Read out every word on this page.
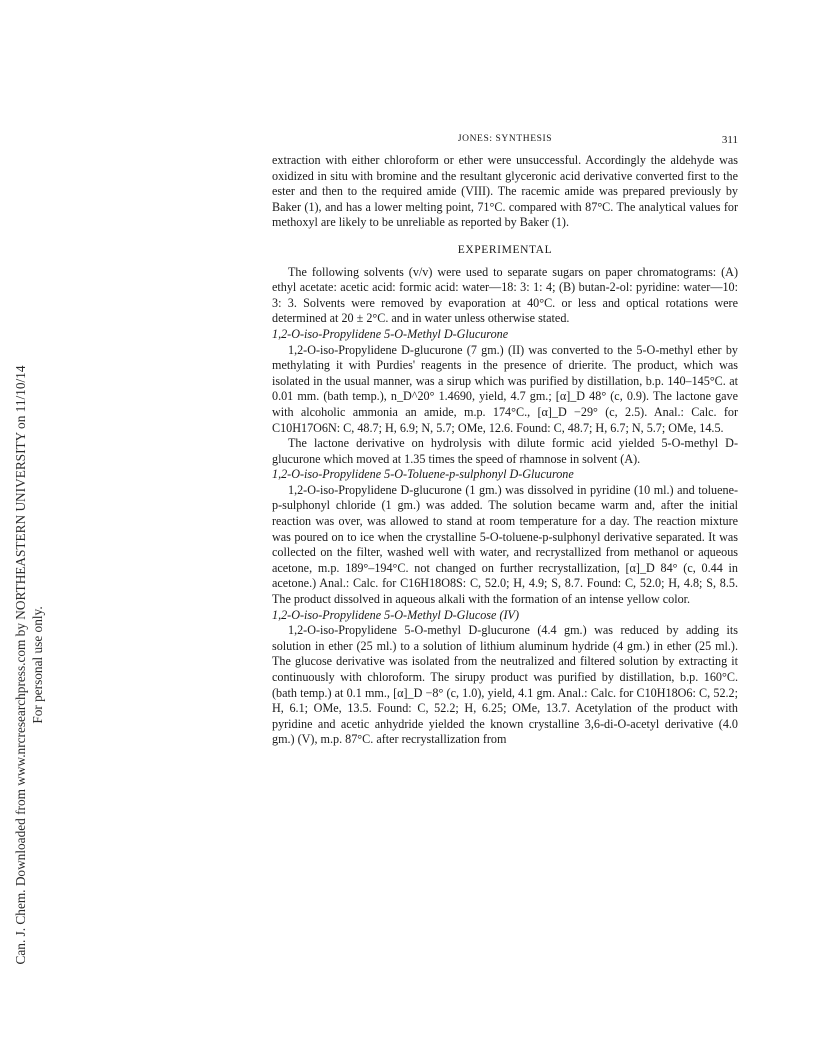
Can. J. Chem. Downloaded from www.nrcresearchpress.com by NORTHEASTERN UNIVERSITY on 11/10/14 For personal use only.
JONES: SYNTHESIS	311

extraction with either chloroform or ether were unsuccessful. Accordingly the aldehyde was oxidized in situ with bromine and the resultant glyceronic acid derivative converted first to the ester and then to the required amide (VIII). The racemic amide was prepared previously by Baker (1), and has a lower melting point, 71°C. compared with 87°C. The analytical values for methoxyl are likely to be unreliable as reported by Baker (1).

EXPERIMENTAL

The following solvents (v/v) were used to separate sugars on paper chromatograms: (A) ethyl acetate: acetic acid: formic acid: water—18: 3: 1: 4; (B) butan-2-ol: pyridine: water—10: 3: 3. Solvents were removed by evaporation at 40°C. or less and optical rotations were determined at 20 ± 2°C. and in water unless otherwise stated.

1,2-O-iso-Propylidene 5-O-Methyl D-Glucurone

1,2-O-iso-Propylidene D-glucurone (7 gm.) (II) was converted to the 5-O-methyl ether by methylating it with Purdies' reagents in the presence of drierite. The product, which was isolated in the usual manner, was a sirup which was purified by distillation, b.p. 140–145°C. at 0.01 mm. (bath temp.), n_D^20° 1.4690, yield, 4.7 gm.; [α]_D 48° (c, 0.9). The lactone gave with alcoholic ammonia an amide, m.p. 174°C., [α]_D −29° (c, 2.5). Anal.: Calc. for C10H17O6N: C, 48.7; H, 6.9; N, 5.7; OMe, 12.6. Found: C, 48.7; H, 6.7; N, 5.7; OMe, 14.5.

The lactone derivative on hydrolysis with dilute formic acid yielded 5-O-methyl D-glucurone which moved at 1.35 times the speed of rhamnose in solvent (A).

1,2-O-iso-Propylidene 5-O-Toluene-p-sulphonyl D-Glucurone

1,2-O-iso-Propylidene D-glucurone (1 gm.) was dissolved in pyridine (10 ml.) and toluene-p-sulphonyl chloride (1 gm.) was added. The solution became warm and, after the initial reaction was over, was allowed to stand at room temperature for a day. The reaction mixture was poured on to ice when the crystalline 5-O-toluene-p-sulphonyl derivative separated. It was collected on the filter, washed well with water, and recrystallized from methanol or aqueous acetone, m.p. 189°–194°C. not changed on further recrystallization, [α]_D 84° (c, 0.44 in acetone.) Anal.: Calc. for C16H18O8S: C, 52.0; H, 4.9; S, 8.7. Found: C, 52.0; H, 4.8; S, 8.5. The product dissolved in aqueous alkali with the formation of an intense yellow color.

1,2-O-iso-Propylidene 5-O-Methyl D-Glucose (IV)

1,2-O-iso-Propylidene 5-O-methyl D-glucurone (4.4 gm.) was reduced by adding its solution in ether (25 ml.) to a solution of lithium aluminum hydride (4 gm.) in ether (25 ml.). The glucose derivative was isolated from the neutralized and filtered solution by extracting it continuously with chloroform. The sirupy product was purified by distillation, b.p. 160°C. (bath temp.) at 0.1 mm., [α]_D −8° (c, 1.0), yield, 4.1 gm. Anal.: Calc. for C10H18O6: C, 52.2; H, 6.1; OMe, 13.5. Found: C, 52.2; H, 6.25; OMe, 13.7. Acetylation of the product with pyridine and acetic anhydride yielded the known crystalline 3,6-di-O-acetyl derivative (4.0 gm.) (V), m.p. 87°C. after recrystallization from
